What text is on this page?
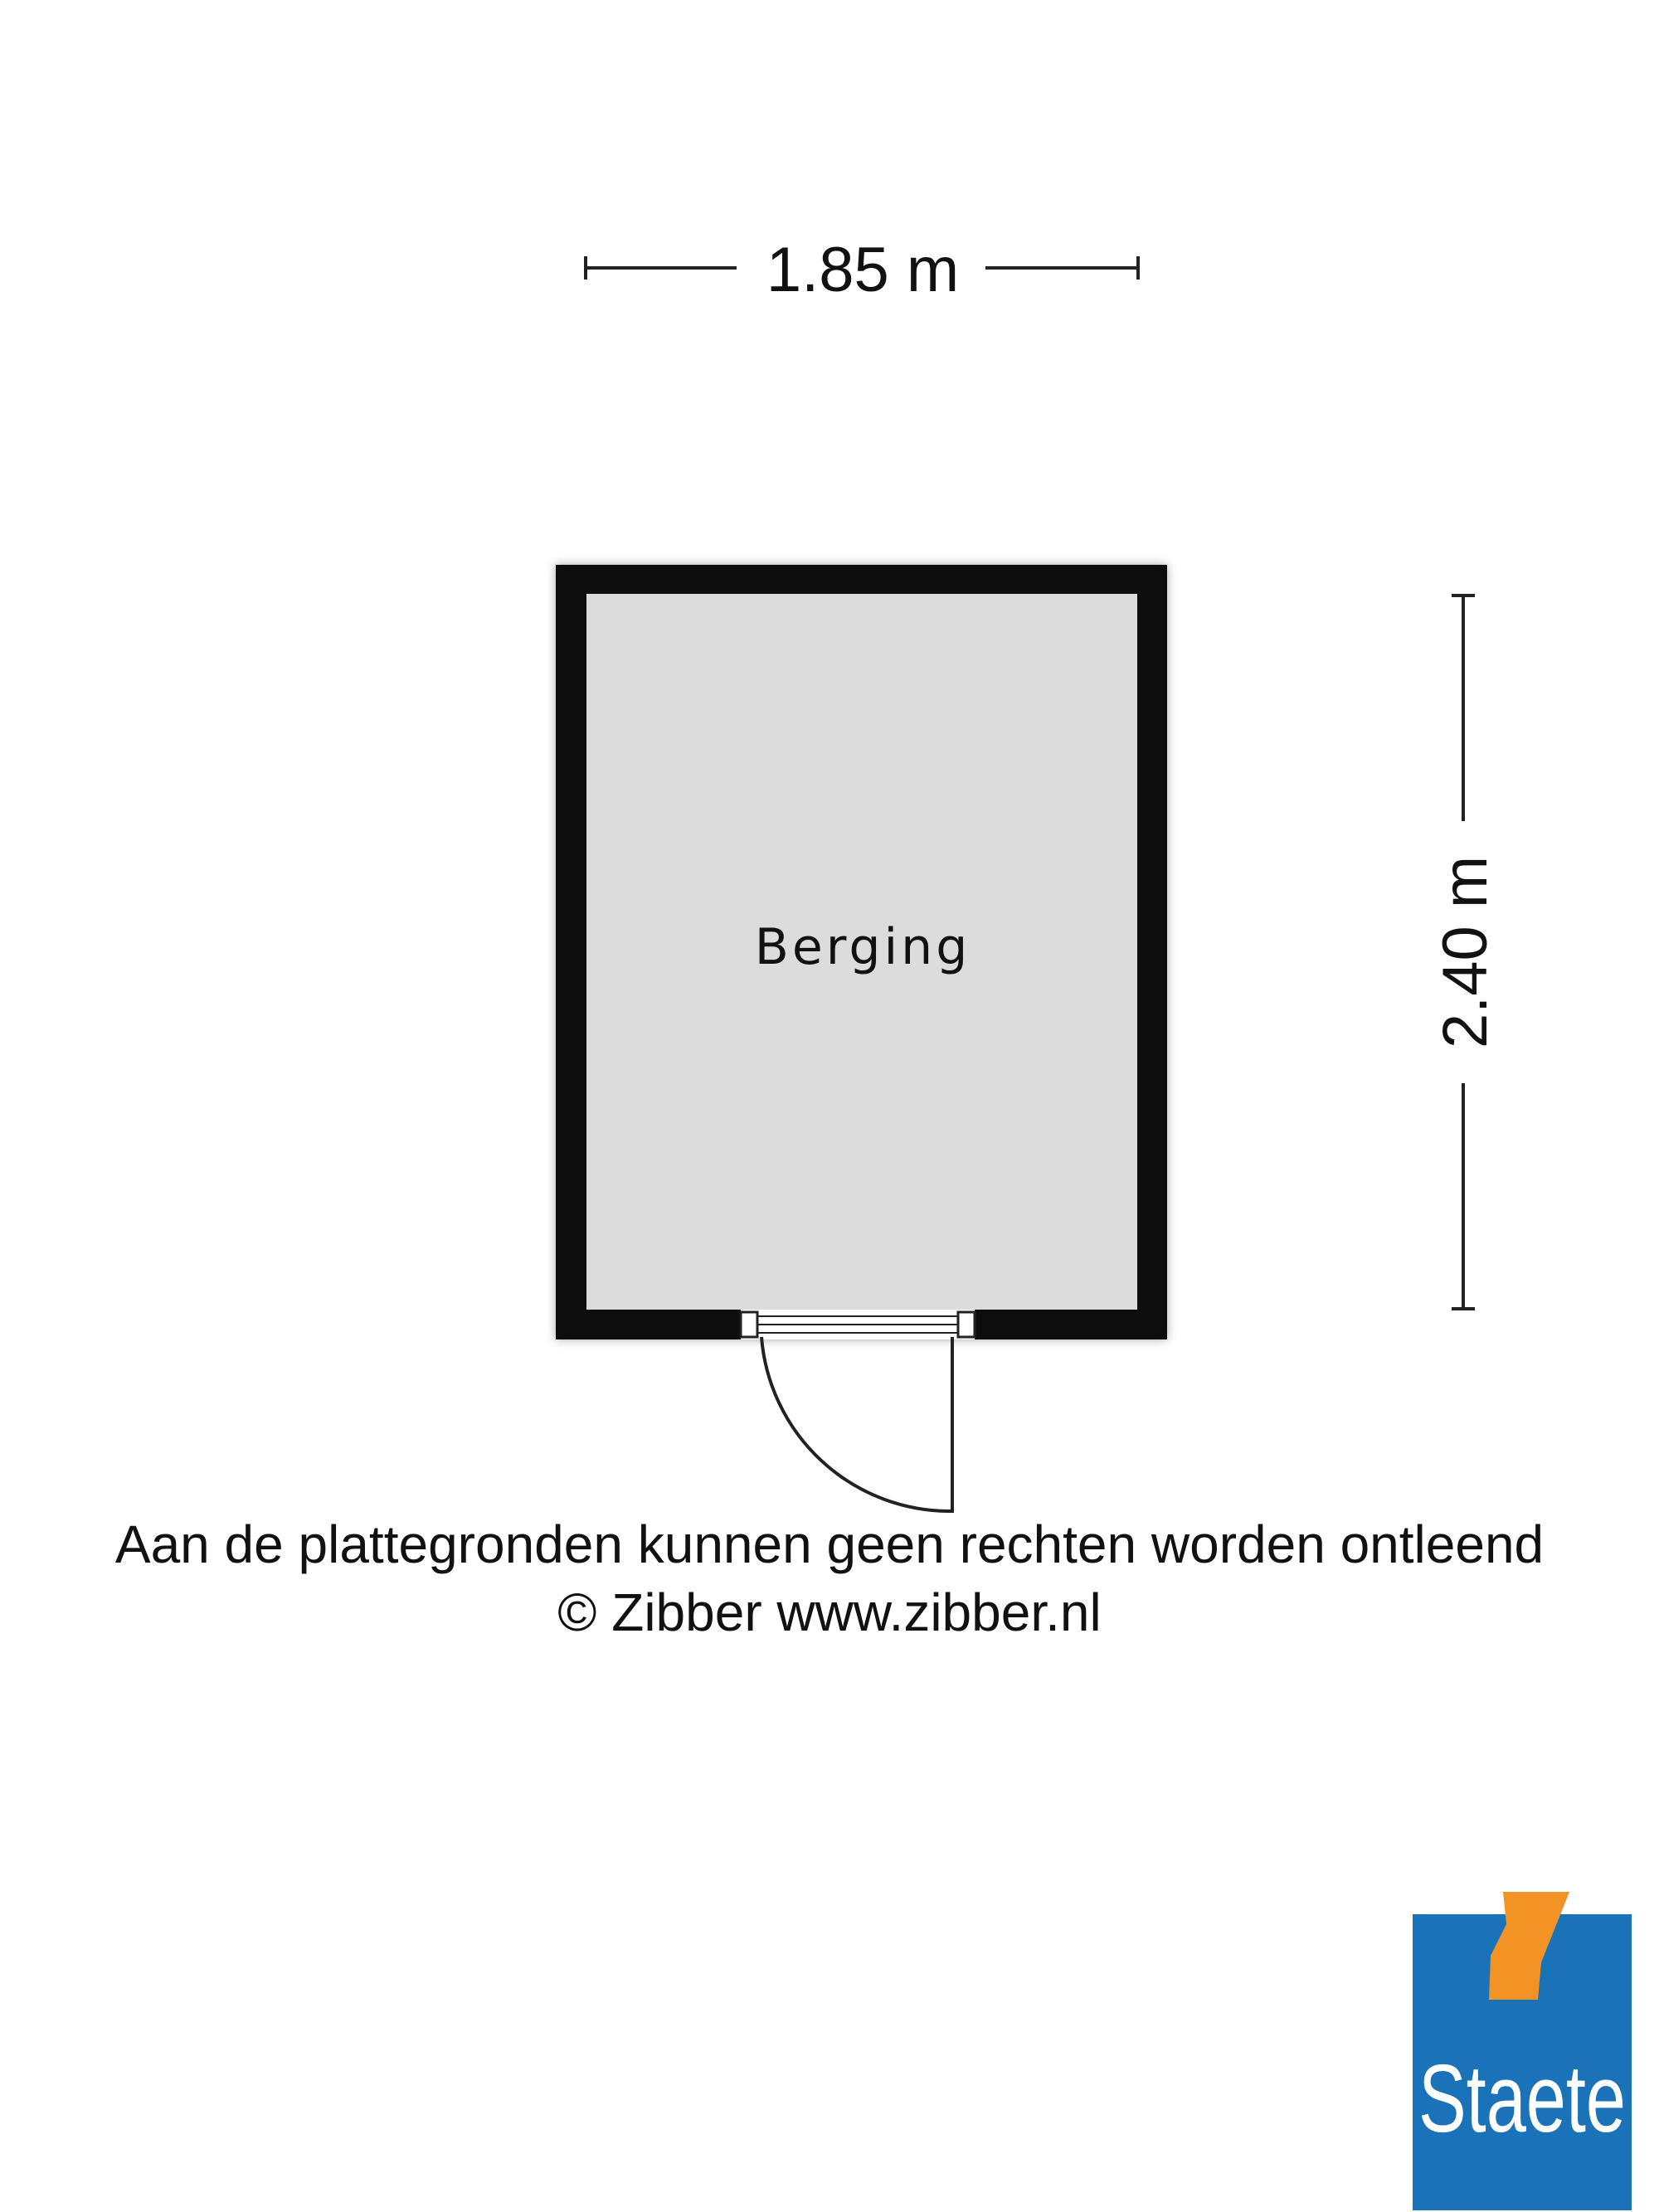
1.85 m
2.40 m
Berging
Staete
Aan de plattegronden kunnen geen rechten worden ontleend
© Zibber www.zibber.nl
